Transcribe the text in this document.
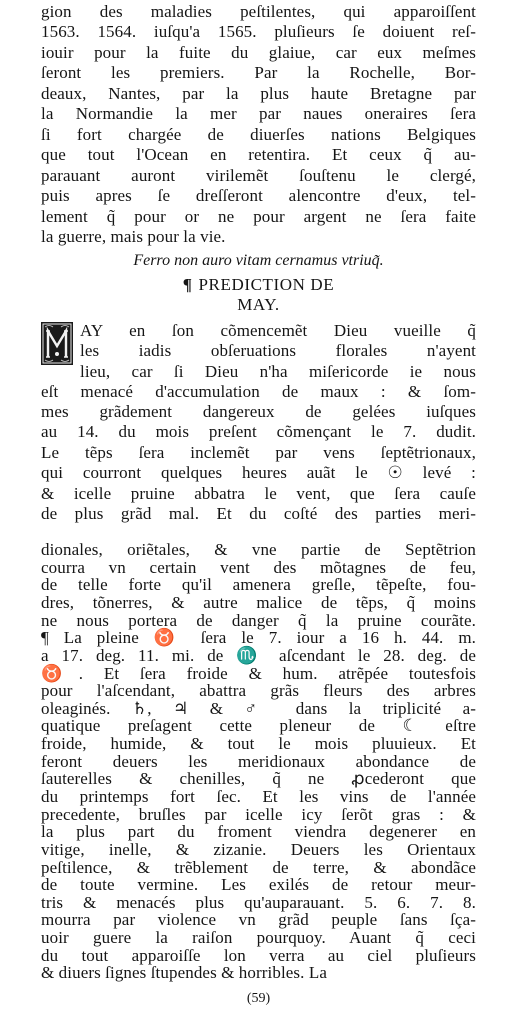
gion des maladies peſtilentes, qui apparoiſſent
1563. 1564. iuſqu'a 1565. pluſieurs ſe doiuent reſ-
iouir pour la fuite du glaiue, car eux meſmes
ſeront les premiers. Par la Rochelle, Bor-
deaux, Nantes, par la plus haute Bretagne par
la Normandie la mer par naues oneraires ſera
ſi fort chargée de diuerſes nations Belgiques
que tout l'Ocean en retentira. Et ceux q̃ au-
parauant auront virilemẽt ſouſtenu le clergé,
puis apres ſe dreſſeront alencontre d'eux, tel-
lement q̃ pour or ne pour argent ne ſera faite
la guerre, mais pour la vie.
Ferro non auro vitam cernamus vtriuq̃.
¶ PREDICTION DE
MAY.
AY en ſon cõmencemẽt Dieu vueille q̃
les iadis obſeruations florales n'ayent
lieu, car ſi Dieu n'ha miſericorde ie nous
eſt menacé d'accumulation de maux : & ſom-
mes grãdement dangereux de gelées iuſques
au 14. du mois preſent cõmençant le 7. dudit.
Le tẽps ſera inclemẽt par vens ſeptẽtrionaux,
qui courront quelques heures auãt le ☉ levé :
& icelle pruine abbatra le vent, que ſera cauſe
de plus grãd mal. Et du coſté des parties meri-
dionales, oriẽtales, & vne partie de Septẽtrion
courra vn certain vent des mõtagnes de feu,
de telle forte qu'il amenera greſle, tẽpeſte, fou-
dres, tõnerres, & autre malice de tẽps, q̃ moins
ne nous portera de danger q̃ la pruine courãte.
¶ La pleine ♉ ſera le 7. iour a 16 h. 44. m.
a 17. deg. 11. mi. de ♏ aſcendant le 28. deg. de
♉. Et ſera froide & hum. atrẽpée toutesfois
pour l'aſcendant, abattra grãs fleurs des arbres
oleaginés. ♄, ♃ & ♂ dans la triplicité a-
quatique preſagent cette pleneur de ☾ eſtre
froide, humide, & tout le mois pluuieux. Et
feront deuers les meridionaux abondance de
ſauterelles & chenilles, q̃ ne ꝓcederont que
du printemps fort ſec. Et les vins de l'année
precedente, bruſles par icelle icy ſerõt gras : &
la plus part du froment viendra degenerer en
vitige, inelle, & zizanie. Deuers les Orientaux
peſtilence, & trẽblement de terre, & abondãce
de toute vermine. Les exilés de retour meur-
tris & menacés plus qu'auparauant. 5. 6. 7. 8.
mourra par violence vn grãd peuple ſans ſça-
uoir guere la raiſon pourquoy. Auant q̃ ceci
du tout apparoiſſe lon verra au ciel pluſieurs
& diuers ſignes ſtupendes & horribles. La
(59)
